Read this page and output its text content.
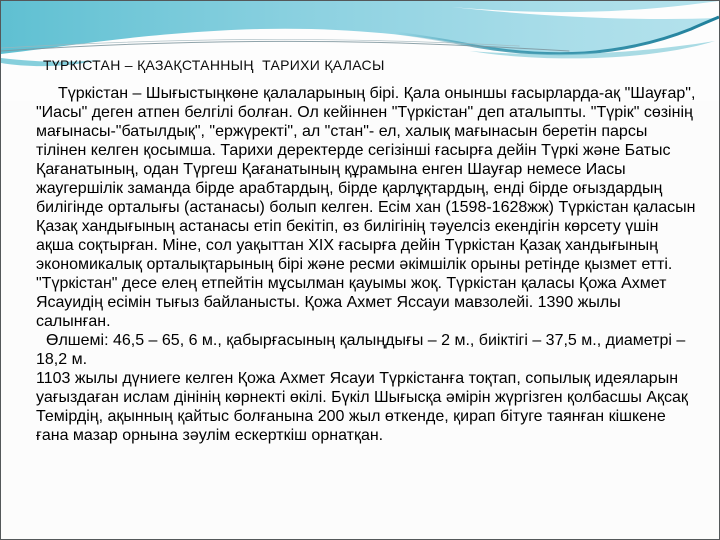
ТҮРКІСТАН – ҚАЗАҚСТАННЫҢ  ТАРИХИ ҚАЛАСЫ

Түркістан – Шығыстыңкөне қалаларының бірі. Қала оныншы ғасырларда-ақ "Шауғар", "Иасы" деген атпен белгілі болған. Ол кейіннен "Түркістан" деп аталыпты. "Түрік" сөзінің мағынасы-"батылдық", "ержүректі", ал "стан"- ел, халық мағынасын беретін парсы тілінен келген қосымша. Тарихи деректерде сегізінші ғасырға дейін Түркі және Батыс Қағанатының, одан Түргеш Қағанатының құрамына енген Шауғар немесе Иасы жаугершілік заманда бірде арабтардың, бірде қарлұқтардың, енді бірде оғыздардың билігінде орталығы (астанасы) болып келген. Есім хан (1598-1628жж) Түркістан қаласын Қазақ хандығының астанасы етіп бекітіп, өз билігінің тәуелсіз екендігін көрсету үшін ақша соқтырған. Міне, сол уақыттан XIX ғасырға дейін Түркістан Қазақ хандығының экономикалық орталықтарының бірі және ресми әкімшілік орыны ретінде қызмет етті. "Түркістан" десе елең етпейтін мұсылман қауымы жоқ. Түркістан қаласы Қожа Ахмет Ясауидің есімін тығыз байланысты. Қожа Ахмет Яссауи мавзолейі. 1390 жылы салынған.

Өлшемі: 46,5 – 65, 6 м., қабырғасының қалыңдығы – 2 м., биіктігі – 37,5 м., диаметрі – 18,2 м.

1103 жылы дүниеге келген Қожа Ахмет Ясауи Түркістанға тоқтап, сопылық идеяларын уағыздаған ислам дінінің көрнекті өкілі. Бүкіл Шығысқа әмірін жүргізген қолбасшы Ақсақ Темірдің, ақынның қайтыс болғанына 200 жыл өткенде, қирап бітуге таянған кішкене ғана мазар орнына зәулім ескерткіш орнатқан.
